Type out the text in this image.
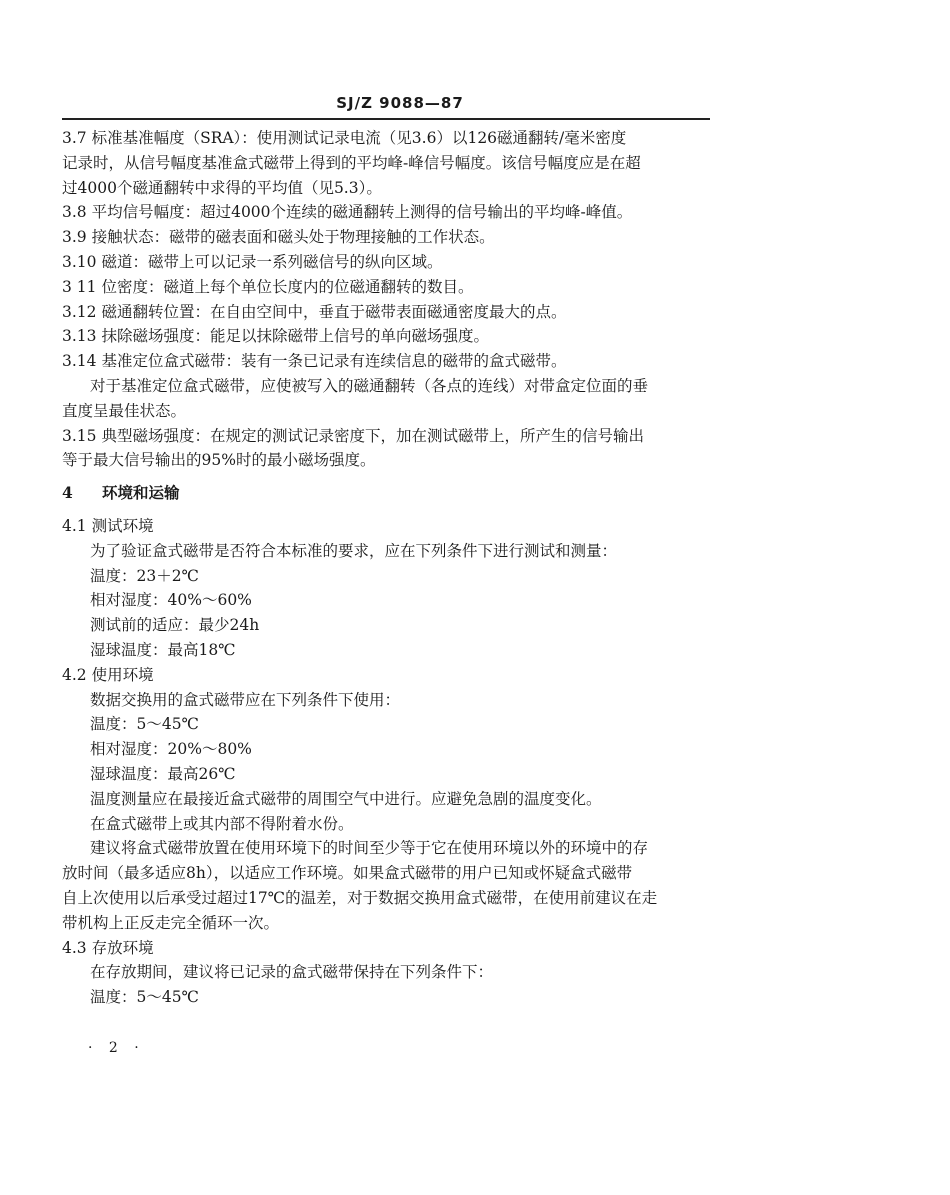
SJ/Z 9088—87
3.7 标准基准幅度（SRA）：使用测试记录电流（见3.6）以126磁通翻转/毫米密度
记录时，从信号幅度基准盒式磁带上得到的平均峰-峰信号幅度。该信号幅度应是在超
过4000个磁通翻转中求得的平均值（见5.3）。
3.8 平均信号幅度：超过4000个连续的磁通翻转上测得的信号输出的平均峰-峰值。
3.9 接触状态：磁带的磁表面和磁头处于物理接触的工作状态。
3.10 磁道：磁带上可以记录一系列磁信号的纵向区域。
3 11 位密度：磁道上每个单位长度内的位磁通翻转的数目。
3.12 磁通翻转位置：在自由空间中，垂直于磁带表面磁通密度最大的点。
3.13 抹除磁场强度：能足以抹除磁带上信号的单向磁场强度。
3.14 基准定位盒式磁带：装有一条已记录有连续信息的磁带的盒式磁带。
对于基准定位盒式磁带，应使被写入的磁通翻转（各点的连线）对带盒定位面的垂
直度呈最佳状态。
3.15 典型磁场强度：在规定的测试记录密度下，加在测试磁带上，所产生的信号输出
等于最大信号输出的95%时的最小磁场强度。
4 环境和运输
4.1 测试环境
为了验证盒式磁带是否符合本标准的要求，应在下列条件下进行测试和测量：
温度：23＋2℃
相对湿度：40%～60%
测试前的适应：最少24h
湿球温度：最高18℃
4.2 使用环境
数据交换用的盒式磁带应在下列条件下使用：
温度：5～45℃
相对湿度：20%～80%
湿球温度：最高26℃
温度测量应在最接近盒式磁带的周围空气中进行。应避免急剧的温度变化。
在盒式磁带上或其内部不得附着水份。
建议将盒式磁带放置在使用环境下的时间至少等于它在使用环境以外的环境中的存
放时间（最多适应8h），以适应工作环境。如果盒式磁带的用户已知或怀疑盒式磁带
自上次使用以后承受过超过17℃的温差，对于数据交换用盒式磁带，在使用前建议在走
带机构上正反走完全循环一次。
4.3 存放环境
在存放期间，建议将已记录的盒式磁带保持在下列条件下：
温度：5～45℃
· 2 ·
